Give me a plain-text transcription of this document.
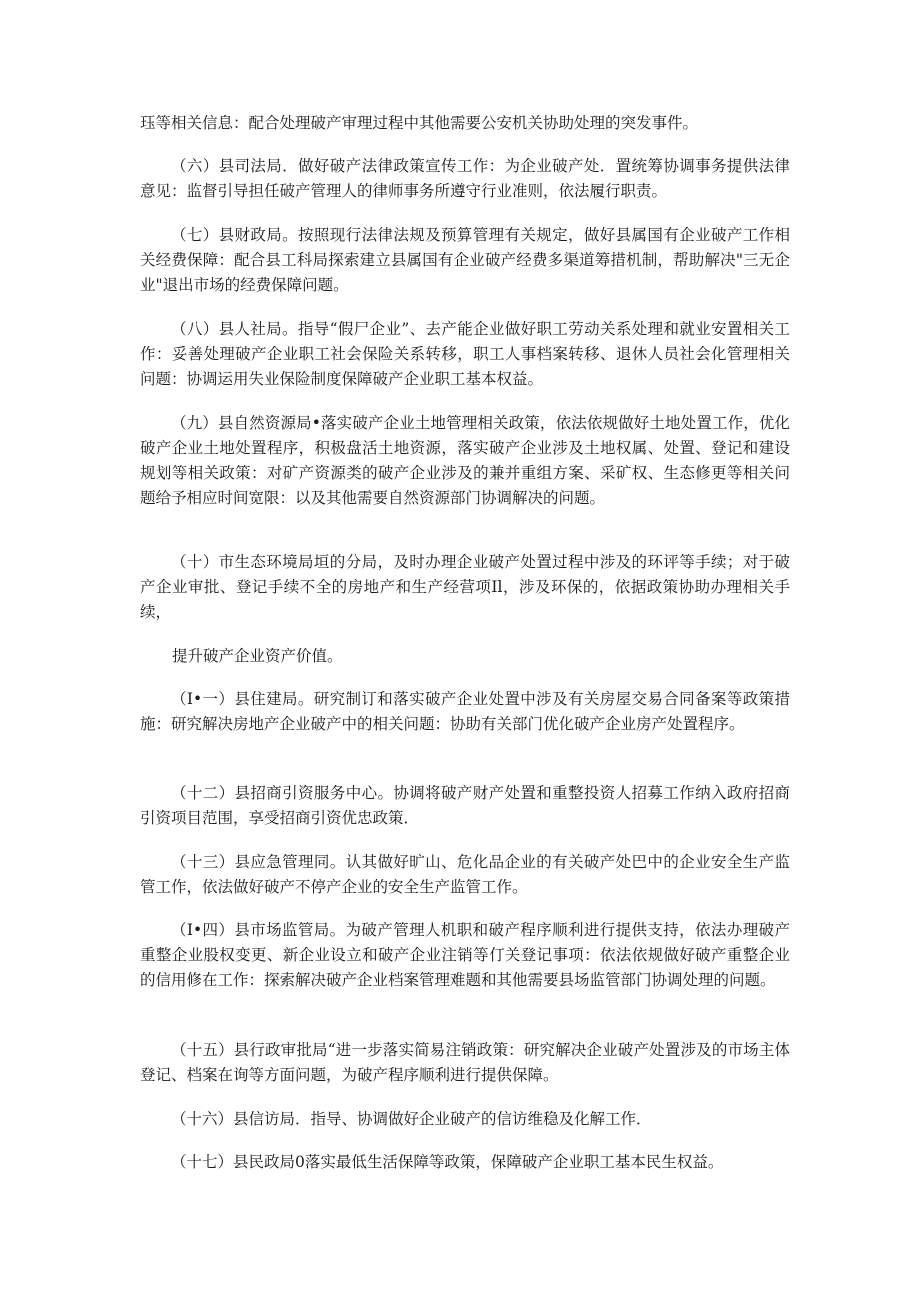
珏等相关信息：配合处理破产审理过程中其他需要公安机关协助处理的突发事件。

（六）县司法局．做好破产法律政策宣传工作：为企业破产处．置统筹协调事务提供法律意见：监督引导担任破产管理人的律师事务所遵守行业准则，依法履行职责。

（七）县财政局。按照现行法律法规及预算管理有关规定，做好县属国有企业破产工作相关经费保障：配合县工科局探索建立县属国有企业破产经费多渠道筹措机制，帮助解决"三无企业"退出市场的经费保障问题。

（八）县人社局。指导“假尸企业”、去产能企业做好职工劳动关系处理和就业安置相关工作：妥善处理破产企业职工社会保险关系转移，职工人事档案转移、退休人员社会化管理相关问题：协调运用失业保险制度保障破产企业职工基本权益。

（九）县自然资源局•落实破产企业土地管理相关政策，依法依规做好土地处置工作，优化破产企业土地处置程序，积极盘活土地资源，落实破产企业涉及土地权属、处置、登记和建设规划等相关政策：对矿产资源类的破产企业涉及的兼并重组方案、采矿权、生态修更等相关问题给予相应时间宽限：以及其他需要自然资源部门协调解决的问题。

（十）市生态环境局垣的分局，及时办理企业破产处置过程中涉及的环评等手续；对于破产企业审批、登记手续不全的房地产和生产经营项Il，涉及环保的，依据政策协助办理相关手续，

提升破产企业资产价值。

（I•一）县住建局。研究制订和落实破产企业处置中涉及有关房屋交易合同备案等政策措施：研究解决房地产企业破产中的相关问题：协助有关部门优化破产企业房产处置程序。

（十二）县招商引资服务中心。协调将破产财产处置和重整投资人招募工作纳入政府招商引资项目范围，享受招商引资优忠政策．

（十三）县应急管理同。认其做好旷山、危化品企业的有关破产处巴中的企业安全生产监管工作，依法做好破产不停产企业的安全生产监管工作。

（I•四）县市场监管局。为破产管理人机职和破产程序顺利进行提供支持，依法办理破产重整企业股权变更、新企业设立和破产企业注销等仃关登记事项：依法依规做好破产重整企业的信用修在工作：探索解决破产企业档案管理难题和其他需要县场监管部门协调处理的问题。

（十五）县行政审批局“进一步落实简易注销政策：研究解决企业破产处置涉及的市场主体登记、档案在询等方面问题，为破产程序顺利进行提供保障。

（十六）县信访局．指导、协调做好企业破产的信访维稳及化解工作．

（十七）县民政局0落实最低生活保障等政策，保障破产企业职工基本民生权益。
